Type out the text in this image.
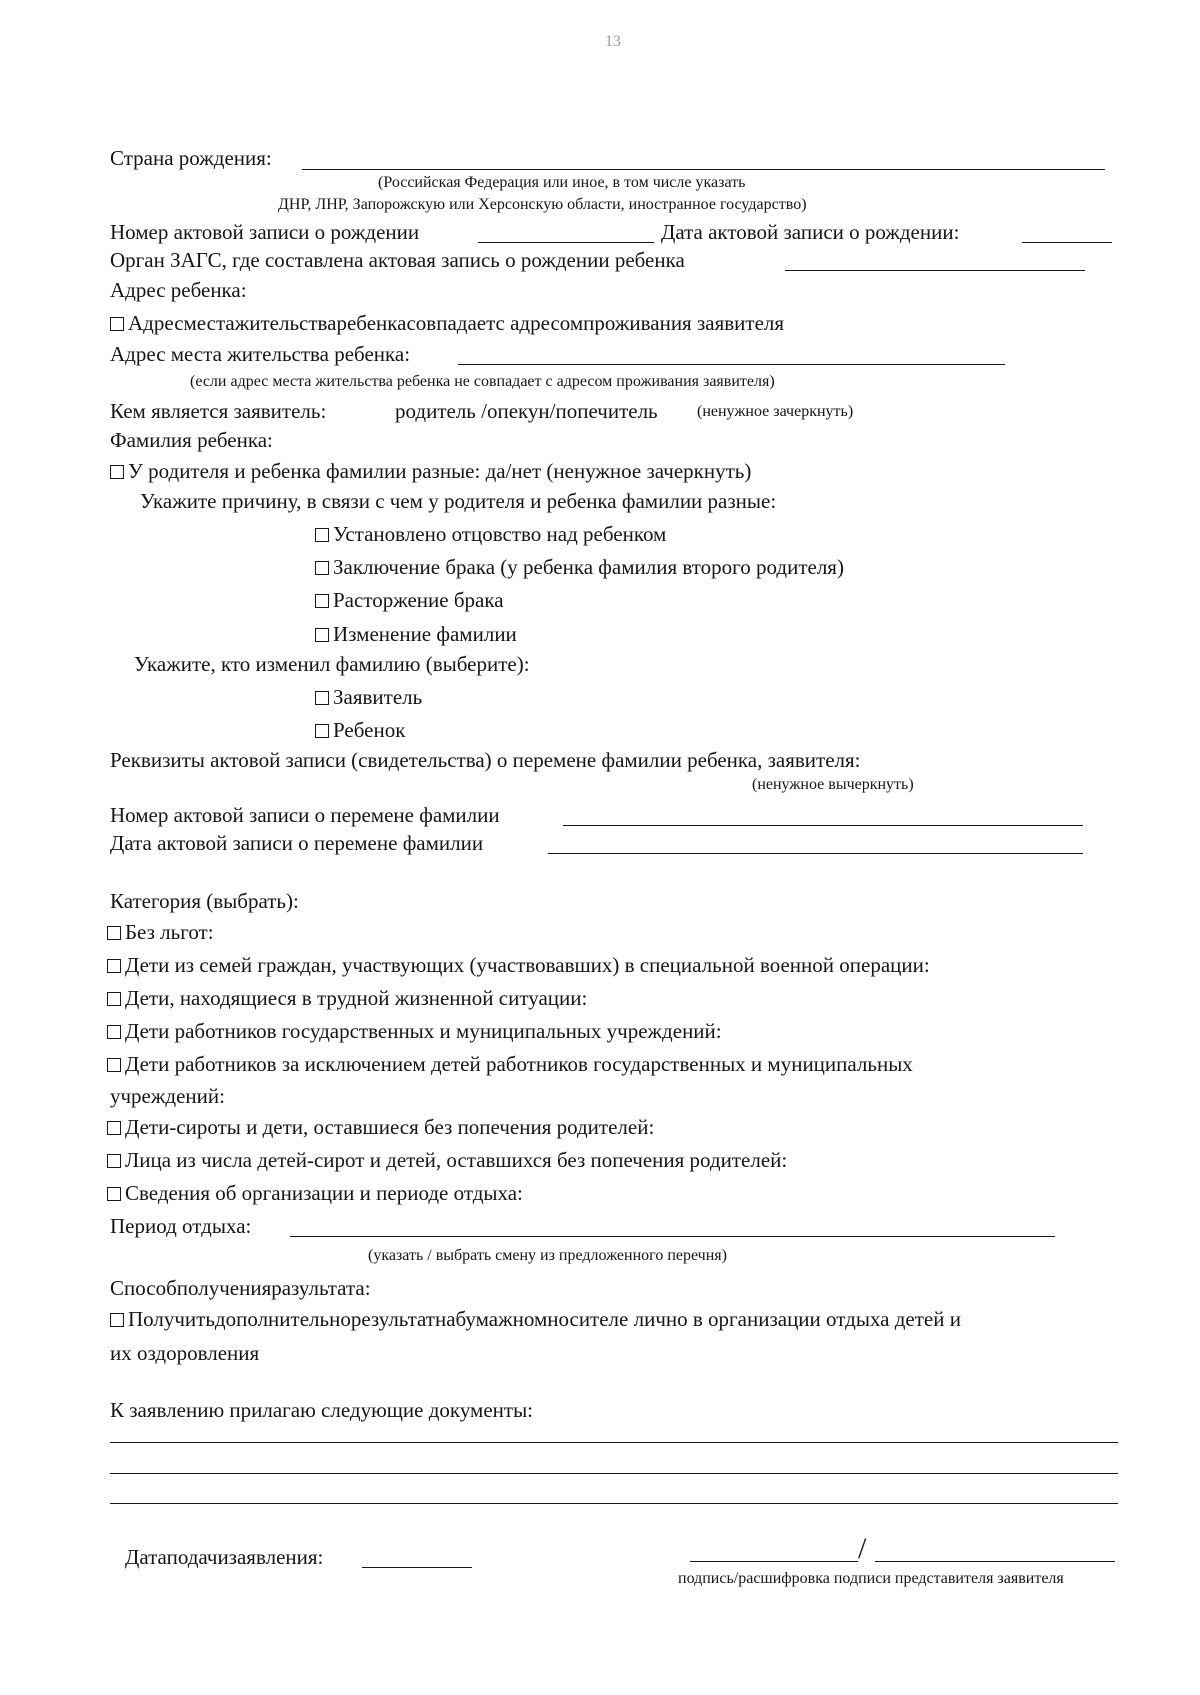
13
Страна рождения:
(Российская Федерация или иное, в том числе указать
ДНР, ЛНР, Запорожскую или Херсонскую области, иностранное государство)
Номер актовой записи о рождении	Дата актовой записи о рождении:
Орган ЗАГС, где составлена актовая запись о рождении ребенка
Адрес ребенка:
Адресместажительстваребенкасовпадаетс адресомпроживания заявителя
Адрес места жительства ребенка:
(если адрес места жительства ребенка не совпадает с адресом проживания заявителя)
Кем является заявитель:	родитель /опекун/попечитель (ненужное зачеркнуть)
Фамилия ребенка:
У родителя и ребенка фамилии разные: да/нет (ненужное зачеркнуть)
Укажите причину, в связи с чем у родителя и ребенка фамилии разные:
Установлено отцовство над ребенком
Заключение брака (у ребенка фамилия второго родителя)
Расторжение брака
Изменение фамилии
Укажите, кто изменил фамилию (выберите):
Заявитель
Ребенок
Реквизиты актовой записи (свидетельства) о перемене фамилии ребенка, заявителя:
(ненужное вычеркнуть)
Номер актовой записи о перемене фамилии
Дата актовой записи о перемене фамилии
Категория (выбрать):
Без льгот:
Дети из семей граждан, участвующих (участвовавших) в специальной военной операции:
Дети, находящиеся в трудной жизненной ситуации:
Дети работников государственных и муниципальных учреждений:
Дети работников за исключением детей работников государственных и муниципальных
учреждений:
Дети-сироты и дети, оставшиеся без попечения родителей:
Лица из числа детей-сирот и детей, оставшихся без попечения родителей:
Сведения об организации и периоде отдыха:
Период отдыха:
(указать / выбрать смену из предложенного перечня)
Способполученияразультата:
Получитьдополнительнорезультатнабумажномносителе лично в организации отдыха детей и
их оздоровления
К заявлению прилагаю следующие документы:
Датаподачизаявления:	/
подпись/расшифровка подписи представителя заявителя
